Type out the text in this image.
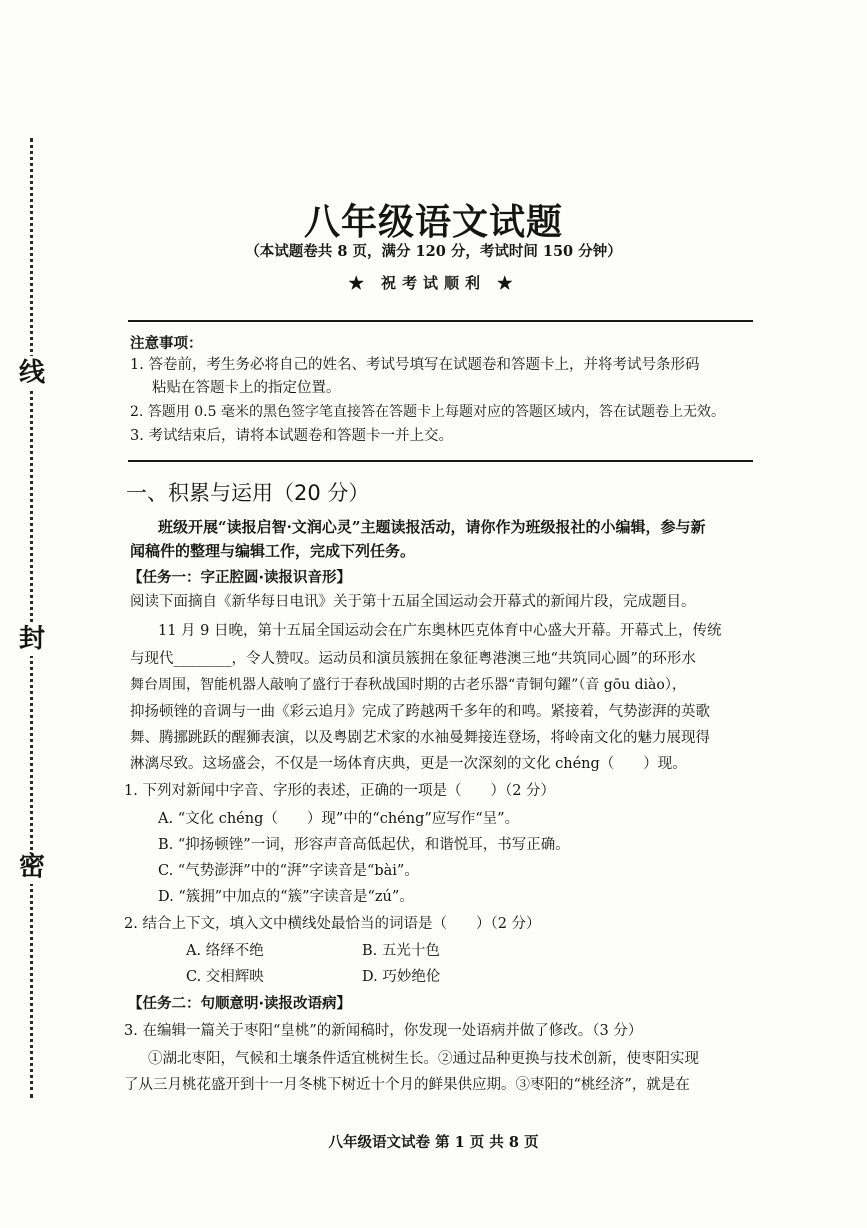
线
封
密
八年级语文试题
（本试题卷共 8 页，满分 120 分，考试时间 150 分钟）
★ 祝考试顺利 ★
注意事项：
1. 答卷前，考生务必将自己的姓名、考试号填写在试题卷和答题卡上，并将考试号条形码
粘贴在答题卡上的指定位置。
2. 答题用 0.5 毫米的黑色签字笔直接答在答题卡上每题对应的答题区域内，答在试题卷上无效。
3. 考试结束后，请将本试题卷和答题卡一并上交。
一、积累与运用（20 分）
班级开展“读报启智·文润心灵”主题读报活动，请你作为班级报社的小编辑，参与新
闻稿件的整理与编辑工作，完成下列任务。
【任务一：字正腔圆·读报识音形】
阅读下面摘自《新华每日电讯》关于第十五届全国运动会开幕式的新闻片段，完成题目。
11 月 9 日晚，第十五届全国运动会在广东奥林匹克体育中心盛大开幕。开幕式上，传统
与现代________，令人赞叹。运动员和演员簇拥在象征粤港澳三地“共筑同心圆”的环形水
舞台周围，智能机器人敲响了盛行于春秋战国时期的古老乐器“青铜句鑃”（音 gōu diào），
抑扬顿锉的音调与一曲《彩云追月》完成了跨越两千多年的和鸣。紧接着，气势澎湃的英歌
舞、腾挪跳跃的醒狮表演，以及粤剧艺术家的水袖曼舞接连登场，将岭南文化的魅力展现得
淋漓尽致。这场盛会，不仅是一场体育庆典，更是一次深刻的文化 chéng（　　）现。
1. 下列对新闻中字音、字形的表述，正确的一项是（　　）（2 分）
A. “文化 chéng（　　）现”中的“chéng”应写作“呈”。
B. “抑扬顿锉”一词，形容声音高低起伏，和谐悦耳，书写正确。
C. “气势澎湃”中的“湃”字读音是“bài”。
D. “簇拥”中加点的“簇”字读音是“zú”。
2. 结合上下文，填入文中横线处最恰当的词语是（　　）（2 分）
A. 络绎不绝	B. 五光十色
C. 交相辉映	D. 巧妙绝伦
【任务二：句顺意明·读报改语病】
3. 在编辑一篇关于枣阳“皇桃”的新闻稿时，你发现一处语病并做了修改。（3 分）
①湖北枣阳，气候和土壤条件适宜桃树生长。②通过品种更换与技术创新，使枣阳实现
了从三月桃花盛开到十一月冬桃下树近十个月的鲜果供应期。③枣阳的“桃经济”，就是在
八年级语文试卷 第 1 页 共 8 页
